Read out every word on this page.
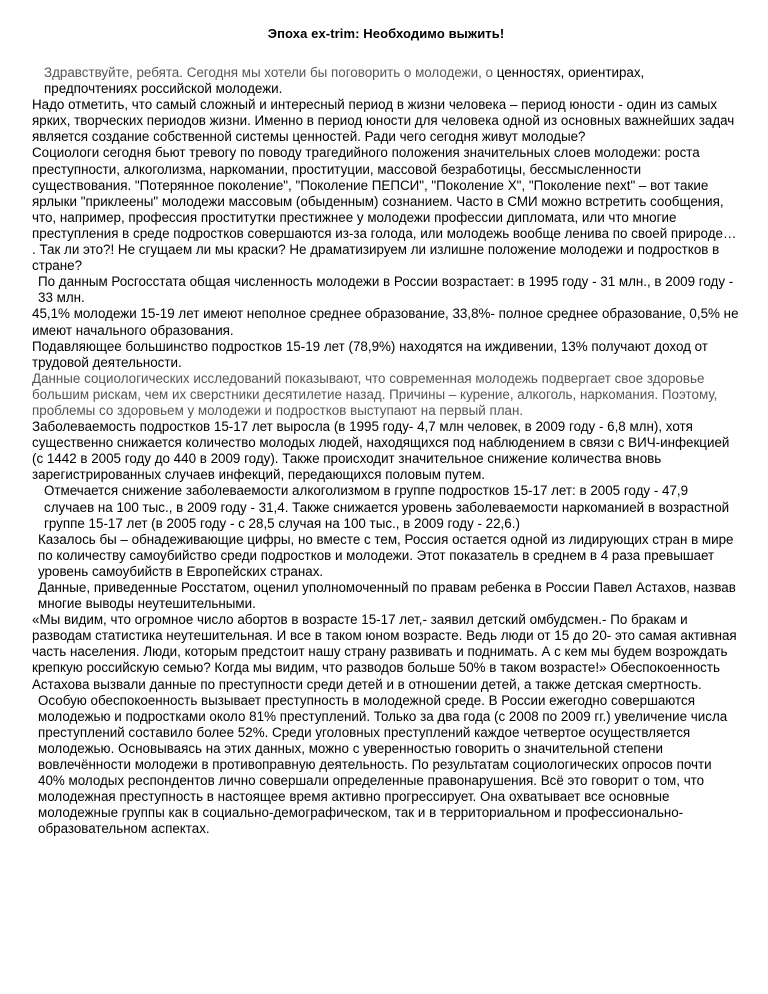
Эпоха ex-trim: Необходимо выжить!

Здравствуйте, ребята. Сегодня мы хотели бы поговорить о молодежи, о ценностях, ориентирах, предпочтениях российской молодежи.

Надо отметить, что самый сложный и интересный период в жизни человека – период юности - один из самых ярких, творческих периодов жизни. Именно в период юности для человека одной из основных важнейших задач является создание собственной системы ценностей. Ради чего сегодня живут молодые?

Социологи сегодня бьют тревогу по поводу трагедийного положения значительных слоев молодежи: роста преступности, алкоголизма, наркомании, проституции, массовой безработицы, бессмысленности существования. "Потерянное поколение", "Поколение ПЕПСИ", "Поколение Х", "Поколение next" – вот такие ярлыки "приклеены" молодежи массовым (обыденным) сознанием. Часто в СМИ можно встретить сообщения, что, например, профессия проститутки престижнее у молодежи профессии дипломата, или что многие преступления в среде подростков совершаются из-за голода, или молодежь вообще ленива по своей природе… . Так ли это?! Не сгущаем ли мы краски? Не драматизируем ли излишне положение молодежи и подростков в стране?

По данным Росгосстата общая численность молодежи в России возрастает: в 1995 году - 31 млн., в 2009 году - 33 млн.

45,1% молодежи 15-19 лет имеют неполное среднее образование, 33,8%- полное среднее образование, 0,5% не имеют начального образования.

Подавляющее большинство подростков 15-19 лет (78,9%) находятся на иждивении, 13% получают доход от трудовой деятельности.

Данные социологических исследований показывают, что современная молодежь подвергает свое здоровье большим рискам, чем их сверстники десятилетие назад. Причины – курение, алкоголь, наркомания. Поэтому, проблемы со здоровьем у молодежи и подростков выступают на первый план.

Заболеваемость подростков 15-17 лет выросла (в 1995 году- 4,7 млн человек, в 2009 году - 6,8 млн), хотя существенно снижается количество молодых людей, находящихся под наблюдением в связи с ВИЧ-инфекцией (с 1442 в 2005 году до 440 в 2009 году). Также происходит значительное снижение количества вновь зарегистрированных случаев инфекций, передающихся половым путем.

Отмечается снижение заболеваемости алкоголизмом в группе подростков 15-17 лет: в 2005 году - 47,9 случаев на 100 тыс., в 2009 году - 31,4. Также снижается уровень заболеваемости наркоманией в возрастной группе 15-17 лет (в 2005 году - с 28,5 случая на 100 тыс., в 2009 году - 22,6.)

Казалось бы – обнадеживающие цифры, но вместе с тем, Россия остается одной из лидирующих стран в мире по количеству самоубийство среди подростков и молодежи. Этот показатель в среднем в 4 раза превышает уровень самоубийств в Европейских странах.

Данные, приведенные Росстатом, оценил уполномоченный по правам ребенка в России Павел Астахов, назвав многие выводы неутешительными.

«Мы видим, что огромное число абортов в возрасте 15-17 лет,- заявил детский омбудсмен.- По бракам и разводам статистика неутешительная. И все в таком юном возрасте. Ведь люди от 15 до 20- это самая активная часть населения. Люди, которым предстоит нашу страну развивать и поднимать. А с кем мы будем возрождать крепкую российскую семью? Когда мы видим, что разводов больше 50% в таком возрасте!» Обеспокоенность Астахова вызвали данные по преступности среди детей и в отношении детей, а также детская смертность.

Особую обеспокоенность вызывает преступность в молодежной среде. В России ежегодно совершаются молодежью и подростками около 81% преступлений. Только за два года (с 2008 по 2009 гг.) увеличение числа преступлений составило более 52%. Среди уголовных преступлений каждое четвертое осуществляется молодежью. Основываясь на этих данных, можно с уверенностью говорить о значительной степени вовлечённости молодежи в противоправную деятельность. По результатам социологических опросов почти 40% молодых респондентов лично совершали определенные правонарушения. Всё это говорит о том, что молодежная преступность в настоящее время активно прогрессирует. Она охватывает все основные молодежные группы как в социально-демографическом, так и в территориальном и профессионально-образовательном аспектах.
